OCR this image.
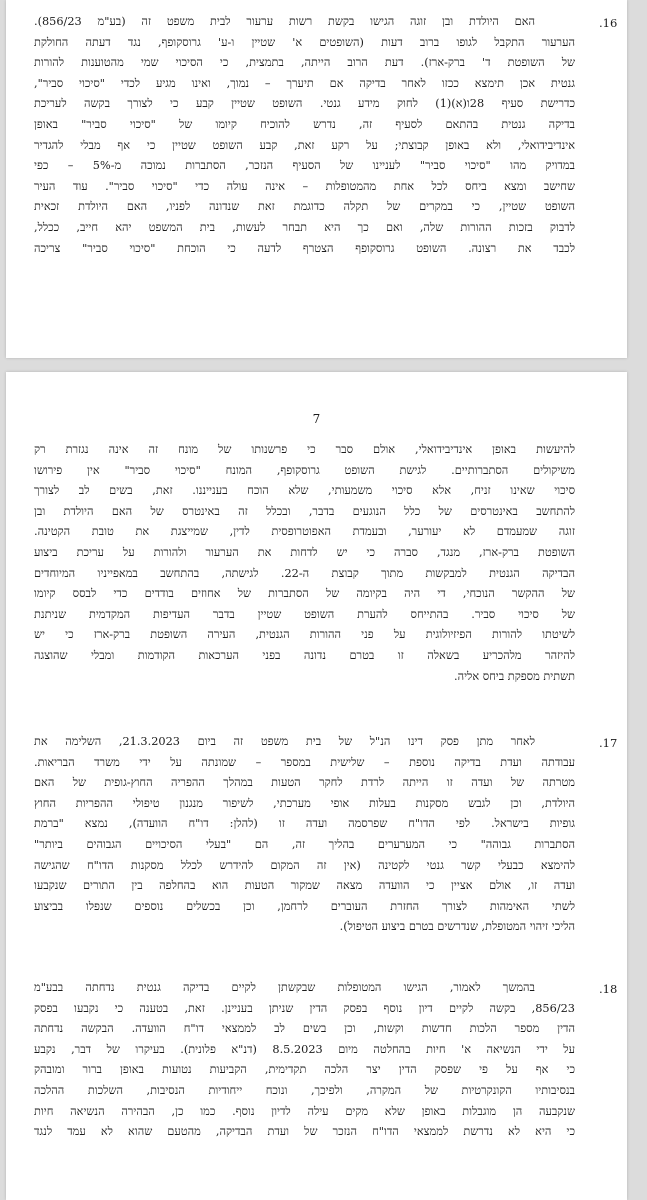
.16
האם היולדת ובן זוגה הגישו בקשת רשות ערעור לבית משפט זה (בע"מ 856/23).
הערעור התקבל לגופו ברוב דעות (השופטים א' שטיין ו-ע' גרוסקופף, נגד דעתה החולקת
של השופטת ד' ברק-ארז). דעת הרוב הייתה, בתמצית, כי הסיכוי שמי מהטוענות להורות
גנטית אכן תימצא ככזו לאחר בדיקה אם תיערך – נמוך, ואינו מגיע לכדי "סיכוי סביר",
כדרישת סעיף 28ו(א)(1) לחוק מידע גנטי. השופט שטיין קבע כי לצורך בקשה לעריכת
בדיקה גנטית בהתאם לסעיף זה, נדרש להוכיח קיומו של "סיכוי סביר" באופן
אינדיבידואלי, ולא באופן קבוצתי; על רקע זאת, קבע השופט שטיין כי אף מבלי להגדיר
במדויק מהו "סיכוי סביר" לעניינו של הסעיף הנזכר, הסתברות נמוכה מ-5% – כפי
שחישב ומצא ביחס לכל אחת מהמטופלות – אינה עולה כדי "סיכוי סביר". עוד העיר
השופט שטיין, כי במקרים של תקלה כדוגמת זאת שנדונה לפניו, האם היולדת זכאית
לדבוק בזכות ההורות שלה, ואם כך היא תבחר לעשות, בית המשפט יהא חייב, ככלל,
לכבד את רצונה. השופט גרוסקופף הצטרף לדעה כי הוכחת "סיכוי סביר" צריכה
7
להיעשות באופן אינדיבידואלי, אולם סבר כי פרשנותו של מונח זה אינה נגזרת רק
משיקולים הסתברותיים. לגישת השופט גרוסקופף, המונח "סיכוי סביר" אין פירושו
סיכוי שאינו זניח, אלא סיכוי משמעותי, שלא הוכח בענייננו. זאת, בשים לב לצורך
להתחשב באינטרסים של כלל הנוגעים בדבר, ובכלל זה באינטרס של האם היולדת ובן
זוגה שמעמדם לא יעורער, ובעמדת האפוטרופסית לדין, שמייצגת את טובת הקטינה.
השופטת ברק-ארז, מנגד, סברה כי יש לדחות את הערעור ולהורות על עריכת ביצוע
הבדיקה הגנטית למבקשות מתוך קבוצת ה-22. לגישתה, בהתחשב במאפייניו המיוחדים
של ההקשר הנוכחי, די היה בקיומה של הסתברות של אחוזים בודדים כדי לבסס קיומו
של סיכוי סביר. בהתייחס להערת השופט שטיין בדבר העדיפות המקדמית שניתנת
לשיטתו להורות הפיזיולוגית על פני ההורות הגנטית, העירה השופטת ברק-ארז כי יש
להיזהר מלהכריע בשאלה זו בטרם נדונה בפני הערכאות הקודמות ומבלי שהוצגה
תשתית מספקת ביחס אליה.
.17
לאחר מתן פסק דינו הנ"ל של בית משפט זה ביום 21.3.2023, השלימה את
עבודתה ועדת בדיקה נוספת – שלישית במספר – שמונתה על ידי משרד הבריאות.
מטרתה של ועדה זו הייתה לרדת לחקר הטעות במהלך ההפריה החוץ-גופית של האם
היולדת, וכן לגבש מסקנות בעלות אופי מערכתי, לשיפור מנגנון טיפולי ההפריות החוץ
גופיות בישראל. לפי הדו"ח שפרסמה ועדה זו (להלן: דו"ח הוועדה), נמצא "ברמת
הסתברות גבוהה" כי המערערים בהליך זה, הם "בעלי הסיכויים הגבוהים ביותר"
להימצא כבעלי קשר גנטי לקטינה (אין זה המקום להידרש לכלל מסקנות הדו"ח שהגישה
ועדה זו, אולם אציין כי הוועדה מצאה שמקור הטעות הוא בהחלפה בין התורים שנקבעו
לשתי האימהות לצורך החזרת העוברים לרחמן, וכן בכשלים נוספים שנפלו בביצוע
הליכי זיהוי המטופלת, שנדרשים בטרם ביצוע הטיפול).
.18
בהמשך לאמור, הגישו המטופלות שבקשתן לקיים בדיקה גנטית נדחתה בבע"מ
856/23, בקשה לקיים דיון נוסף בפסק הדין שניתן בעניינן. זאת, בטענה כי נקבעו בפסק
הדין מספר הלכות חדשות וקשות, וכן בשים לב לממצאי דו"ח הוועדה. הבקשה נדחתה
על ידי הנשיאה א' חיות בהחלטה מיום 8.5.2023 (דנ"א פלונית). בעיקרו של דבר, נקבע
כי אף על פי שפסק הדין יצר הלכה תקדימית, הקביעות נטועות באופן ברור ומובהק
בנסיבותיו הקונקרטיות של המקרה, ולפיכך, ונוכח ייחודיות הנסיבות, השלכות ההלכה
שנקבעה הן מוגבלות באופן שלא מקים עילה לדיון נוסף. כמו כן, הבהירה הנשיאה חיות
כי היא לא נדרשת לממצאי הדו"ח הנזכר של ועדת הבדיקה, מהטעם שהוא לא עמד לנגד
